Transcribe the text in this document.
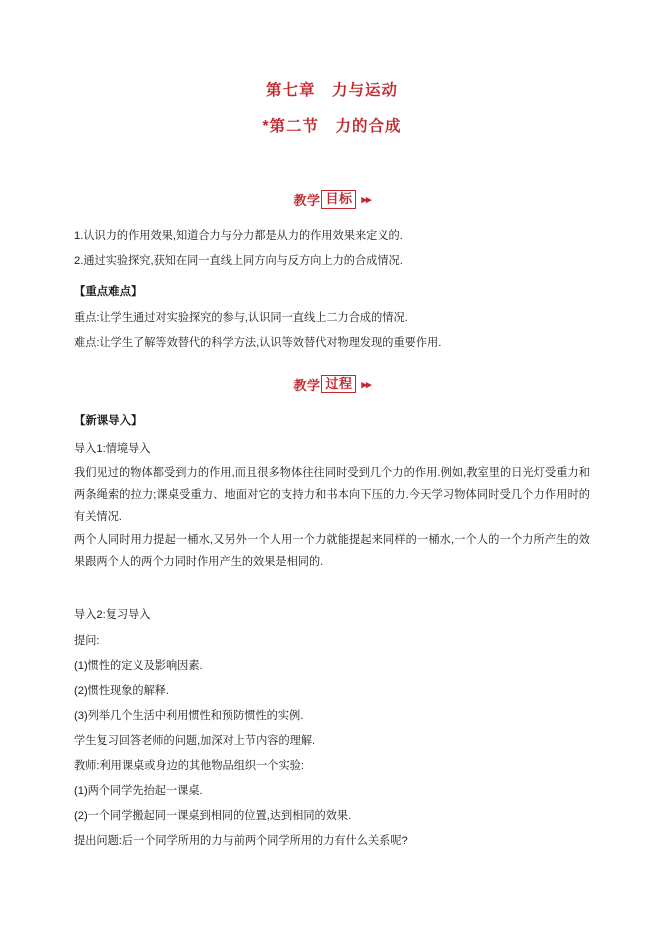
第七章　力与运动
*第二节　力的合成
教学 目标 ▸▸

1.认识力的作用效果,知道合力与分力都是从力的作用效果来定义的.

2.通过实验探究,获知在同一直线上同方向与反方向上力的合成情况.

【重点难点】

重点:让学生通过对实验探究的参与,认识同一直线上二力合成的情况.

难点:让学生了解等效替代的科学方法,认识等效替代对物理发现的重要作用.

教学 过程 ▸▸
【新课导入】
导入1:情境导入

我们见过的物体都受到力的作用,而且很多物体往往同时受到几个力的作用.例如,教室里的日光灯受重力和两条绳索的拉力;课桌受重力、地面对它的支持力和书本向下压的力.今天学习物体同时受几个力作用时的有关情况.

两个人同时用力提起一桶水,又另外一个人用一个力就能提起来同样的一桶水,一个人的一个力所产生的效果跟两个人的两个力同时作用产生的效果是相同的.

导入2:复习导入

提问:

(1)惯性的定义及影响因素.

(2)惯性现象的解释.

(3)列举几个生活中利用惯性和预防惯性的实例.

学生复习回答老师的问题,加深对上节内容的理解.

教师:利用课桌或身边的其他物品组织一个实验:

(1)两个同学先抬起一课桌.

(2)一个同学搬起同一课桌到相同的位置,达到相同的效果.

提出问题:后一个同学所用的力与前两个同学所用的力有什么关系呢?
